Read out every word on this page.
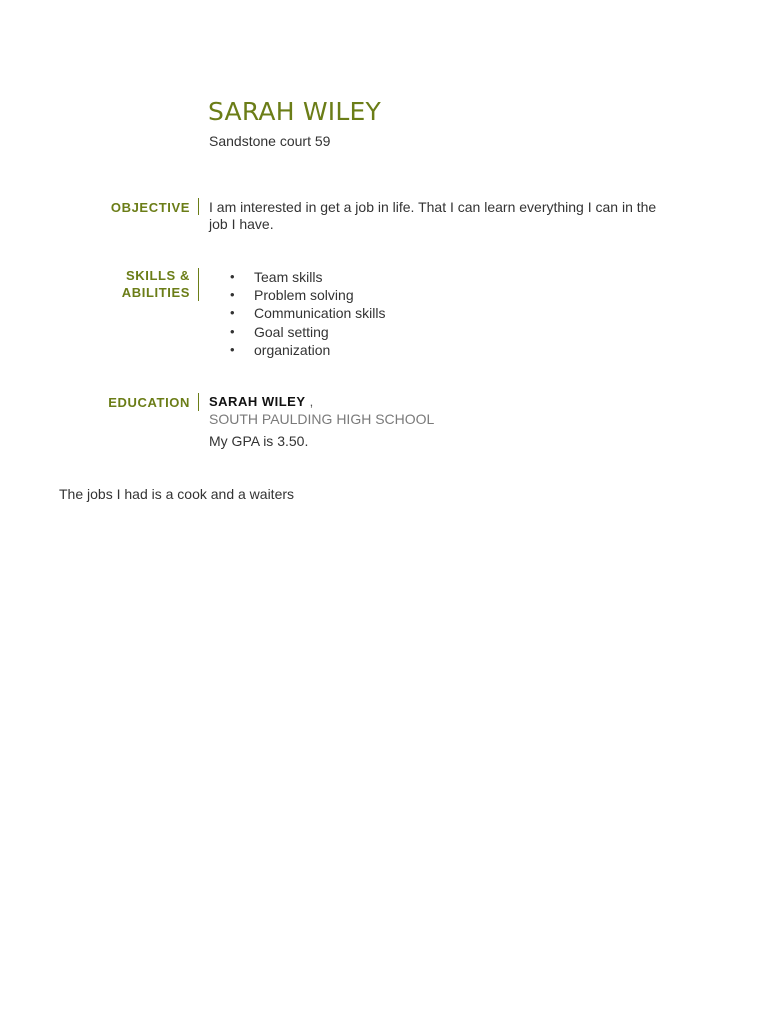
SARAH WILEY
Sandstone court 59
OBJECTIVE I am interested in get a job in life. That I can learn everything I can in the job I have.
SKILLS &
ABILITIES
• Team skills
• Problem solving
• Communication skills
• Goal setting
• organization
EDUCATION SARAH WILEY ,
SOUTH PAULDING HIGH SCHOOL
My GPA is 3.50.
The jobs I had is a cook and a waiters
